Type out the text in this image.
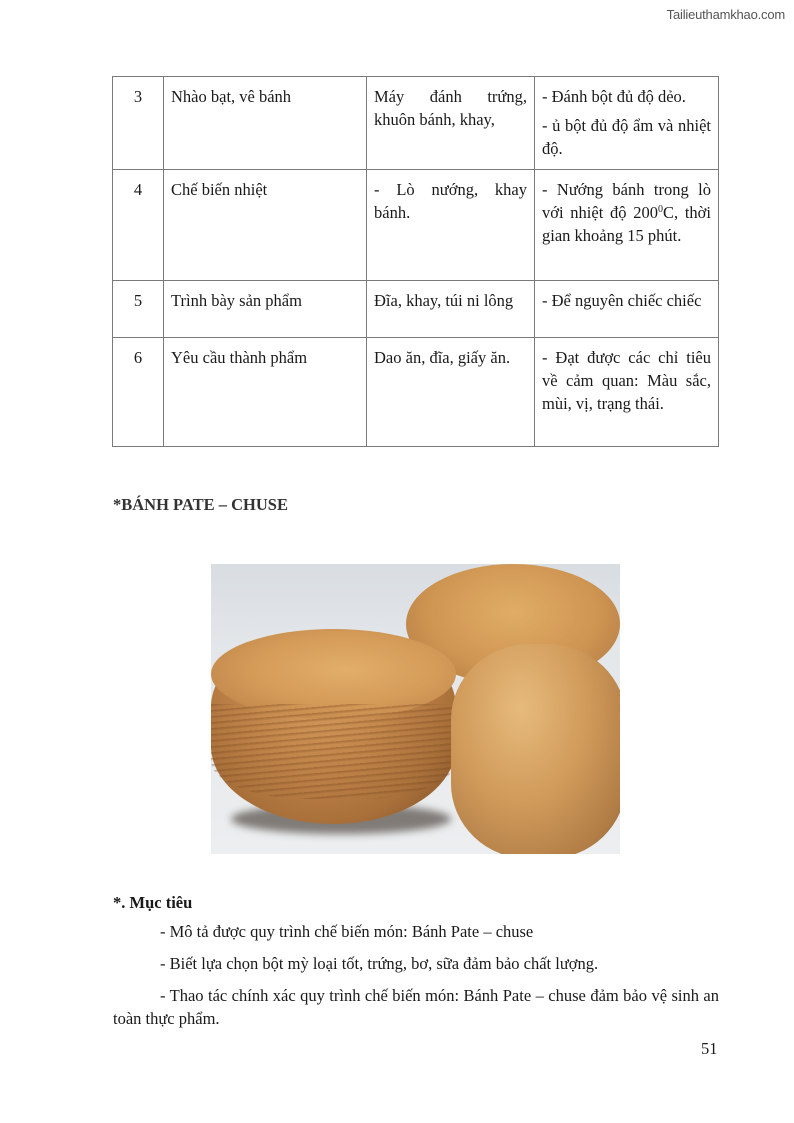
Tailieuthamkhao.com
3	Nhào bạt, vê bánh	Máy đánh trứng, khuôn bánh, khay,	- Đánh bột đủ độ dẻo.

- ủ bột đủ độ ẩm và nhiệt độ.

4	Chế biến nhiệt	- Lò nướng, khay bánh.	- Nướng bánh trong lò với nhiệt độ $200^0C$, thời gian khoảng 15 phút.

5	Trình bày sản phẩm	Đĩa, khay, túi ni lông	- Để nguyên chiếc chiếc

6	Yêu cầu thành phẩm	Dao ăn, đĩa, giấy ăn.	- Đạt được các chỉ tiêu về cảm quan: Màu sắc, mùi, vị, trạng thái.

*BÁNH PATE – CHUSE
*. Mục tiêu

- Mô tả được quy trình chế biến món: Bánh Pate – chuse

- Biết lựa chọn bột mỳ loại tốt, trứng, bơ, sữa đảm bảo chất lượng.

- Thao tác chính xác quy trình chế biến món: Bánh Pate – chuse đảm bảo vệ sinh an toàn thực phẩm.

51
